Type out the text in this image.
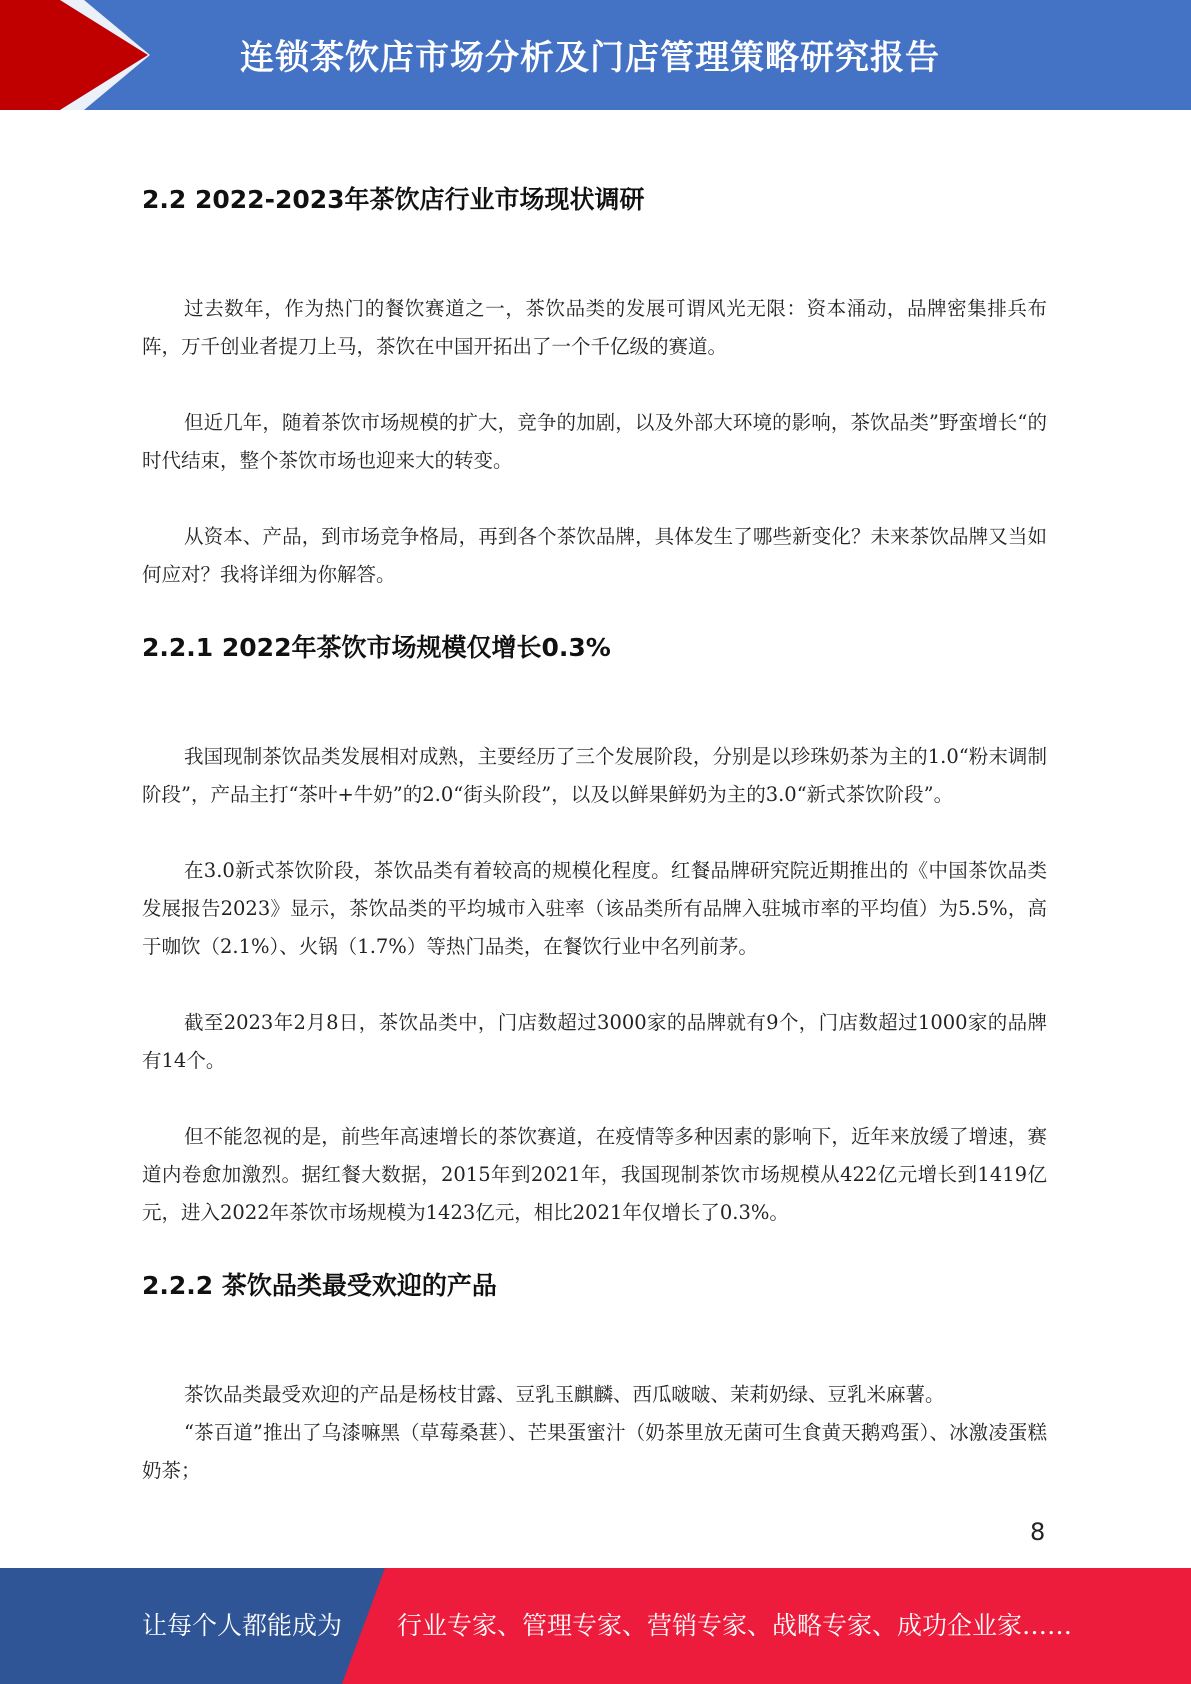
连锁茶饮店市场分析及门店管理策略研究报告
2.2 2022-2023年茶饮店行业市场现状调研

过去数年，作为热门的餐饮赛道之一，茶饮品类的发展可谓风光无限：资本涌动，品牌密集排兵布阵，万千创业者提刀上马，茶饮在中国开拓出了一个千亿级的赛道。

但近几年，随着茶饮市场规模的扩大，竞争的加剧，以及外部大环境的影响，茶饮品类”野蛮增长“的时代结束，整个茶饮市场也迎来大的转变。

从资本、产品，到市场竞争格局，再到各个茶饮品牌，具体发生了哪些新变化？未来茶饮品牌又当如何应对？我将详细为你解答。

2.2.1 2022年茶饮市场规模仅增长0.3%

我国现制茶饮品类发展相对成熟，主要经历了三个发展阶段，分别是以珍珠奶茶为主的1.0“粉末调制阶段”，产品主打“茶叶+牛奶”的2.0“街头阶段”，以及以鲜果鲜奶为主的3.0“新式茶饮阶段”。

在3.0新式茶饮阶段，茶饮品类有着较高的规模化程度。红餐品牌研究院近期推出的《中国茶饮品类发展报告2023》显示，茶饮品类的平均城市入驻率（该品类所有品牌入驻城市率的平均值）为5.5%，高于咖饮（2.1%）、火锅（1.7%）等热门品类，在餐饮行业中名列前茅。

截至2023年2月8日，茶饮品类中，门店数超过3000家的品牌就有9个，门店数超过1000家的品牌有14个。

但不能忽视的是，前些年高速增长的茶饮赛道，在疫情等多种因素的影响下，近年来放缓了增速，赛道内卷愈加激烈。据红餐大数据，2015年到2021年，我国现制茶饮市场规模从422亿元增长到1419亿元，进入2022年茶饮市场规模为1423亿元，相比2021年仅增长了0.3%。

2.2.2 茶饮品类最受欢迎的产品

茶饮品类最受欢迎的产品是杨枝甘露、豆乳玉麒麟、西瓜啵啵、茉莉奶绿、豆乳米麻薯。

“茶百道”推出了乌漆嘛黑（草莓桑葚）、芒果蛋蜜汁（奶茶里放无菌可生食黄天鹅鸡蛋）、冰激凌蛋糕奶茶；

8
让每个人都能成为 行业专家、管理专家、营销专家、战略专家、成功企业家……
